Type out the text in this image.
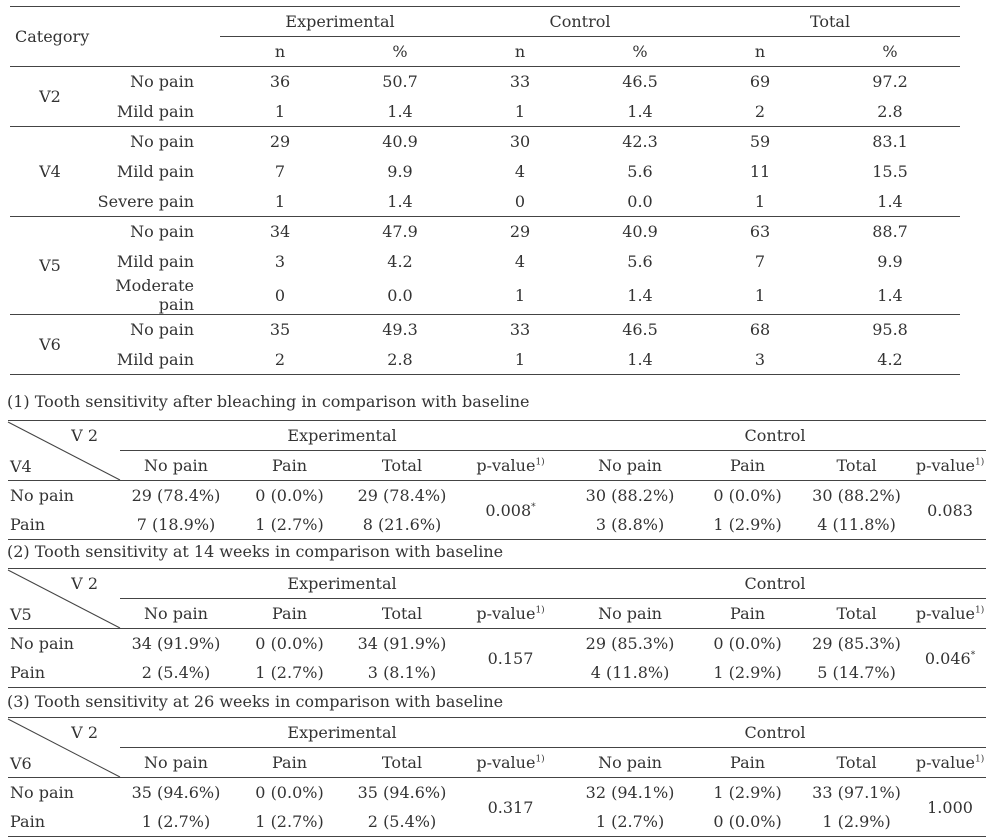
Category		Experimental		Control		Total	
		n	%	n	%	n	%
V2	No pain	36	50.7	33	46.5	69	97.2
	Mild pain	1	1.4	1	1.4	2	2.8
V4	No pain	29	40.9	30	42.3	59	83.1
	Mild pain	7	9.9	4	5.6	11	15.5
	Severe pain	1	1.4	0	0.0	1	1.4
V5	No pain	34	47.9	29	40.9	63	88.7
	Mild pain	3	4.2	4	5.6	7	9.9
	Moderate pain	0	0.0	1	1.4	1	1.4
V6	No pain	35	49.3	33	46.5	68	95.8
	Mild pain	2	2.8	1	1.4	3	4.2
(1) Tooth sensitivity after bleaching in comparison with baseline
V 2
V4	Experimental				Control			
	No pain	Pain	Total	p-value$^{1)}$	No pain	Pain	Total	p-value$^{1)}$
No pain	29 (78.4%)	0 (0.0%)	29 (78.4%)	0.008*	30 (88.2%)	0 (0.0%)	30 (88.2%)	0.083
Pain	7 (18.9%)	1 (2.7%)	8 (21.6%)		3 (8.8%)	1 (2.9%)	4 (11.8%)	
(2) Tooth sensitivity at 14 weeks in comparison with baseline
V 2
V5	Experimental				Control			
	No pain	Pain	Total	p-value$^{1)}$	No pain	Pain	Total	p-value$^{1)}$
No pain	34 (91.9%)	0 (0.0%)	34 (91.9%)	0.157	29 (85.3%)	0 (0.0%)	29 (85.3%)	0.046*
Pain	2 (5.4%)	1 (2.7%)	3 (8.1%)		4 (11.8%)	1 (2.9%)	5 (14.7%)	
(3) Tooth sensitivity at 26 weeks in comparison with baseline
V 2
V6	Experimental				Control			
	No pain	Pain	Total	p-value$^{1)}$	No pain	Pain	Total	p-value$^{1)}$
No pain	35 (94.6%)	0 (0.0%)	35 (94.6%)	0.317	32 (94.1%)	1 (2.9%)	33 (97.1%)	1.000
Pain	1 (2.7%)	1 (2.7%)	2 (5.4%)		1 (2.7%)	0 (0.0%)	1 (2.9%)	
